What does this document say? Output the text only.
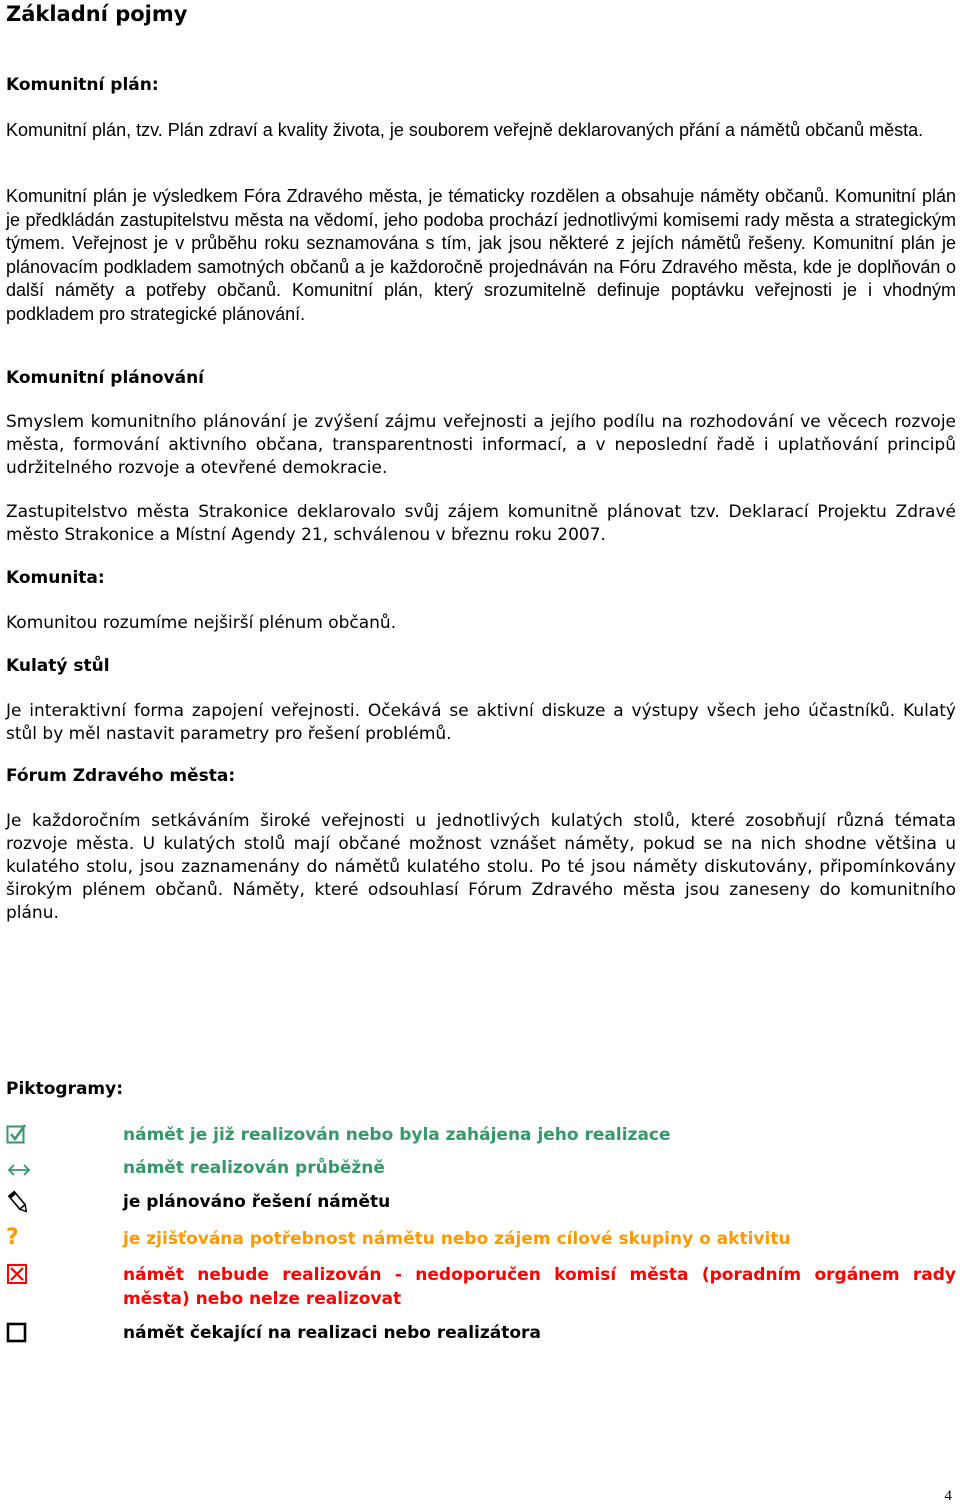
Základní pojmy
Komunitní plán:
Komunitní plán, tzv. Plán zdraví a kvality života, je souborem veřejně deklarovaných přání a námětů občanů města.
Komunitní plán je výsledkem Fóra Zdravého města, je tématicky rozdělen a obsahuje náměty občanů. Komunitní plán je předkládán zastupitelstvu města na vědomí, jeho podoba prochází jednotlivými komisemi rady města a strategickým týmem. Veřejnost je v průběhu roku seznamována s tím, jak jsou některé z jejích námětů řešeny. Komunitní plán je plánovacím podkladem samotných občanů a je každoročně projednáván na Fóru Zdravého města, kde je doplňován o další náměty a potřeby občanů. Komunitní plán, který srozumitelně definuje poptávku veřejnosti je i vhodným podkladem pro strategické plánování.
Komunitní plánování
Smyslem komunitního plánování je zvýšení zájmu veřejnosti a jejího podílu na rozhodování ve věcech rozvoje města, formování aktivního občana, transparentnosti informací, a v neposlední řadě i uplatňování principů udržitelného rozvoje a otevřené demokracie.
Zastupitelstvo města Strakonice deklarovalo svůj zájem komunitně plánovat tzv. Deklarací Projektu Zdravé město Strakonice a Místní Agendy 21, schválenou v březnu roku 2007.
Komunita:
Komunitou rozumíme nejširší plénum občanů.
Kulatý stůl
Je interaktivní forma zapojení veřejnosti. Očekává se aktivní diskuze a výstupy všech jeho účastníků. Kulatý stůl by měl nastavit parametry pro řešení problémů.
Fórum Zdravého města:
Je každoročním setkáváním široké veřejnosti u jednotlivých kulatých stolů, které zosobňují různá témata rozvoje města. U kulatých stolů mají občané možnost vznášet náměty, pokud se na nich shodne většina u kulatého stolu, jsou zaznamenány do námětů kulatého stolu. Po té jsou náměty diskutovány, připomínkovány širokým plénem občanů. Náměty, které odsouhlasí Fórum Zdravého města jsou zaneseny do komunitního plánu.
Piktogramy:
námět je již realizován nebo byla zahájena jeho realizace
námět realizován průběžně
je plánováno řešení námětu
?	je zjišťována potřebnost námětu nebo zájem cílové skupiny o aktivitu
námět nebude realizován - nedoporučen komisí města (poradním orgánem rady města) nebo nelze realizovat
námět čekající na realizaci nebo realizátora
4
